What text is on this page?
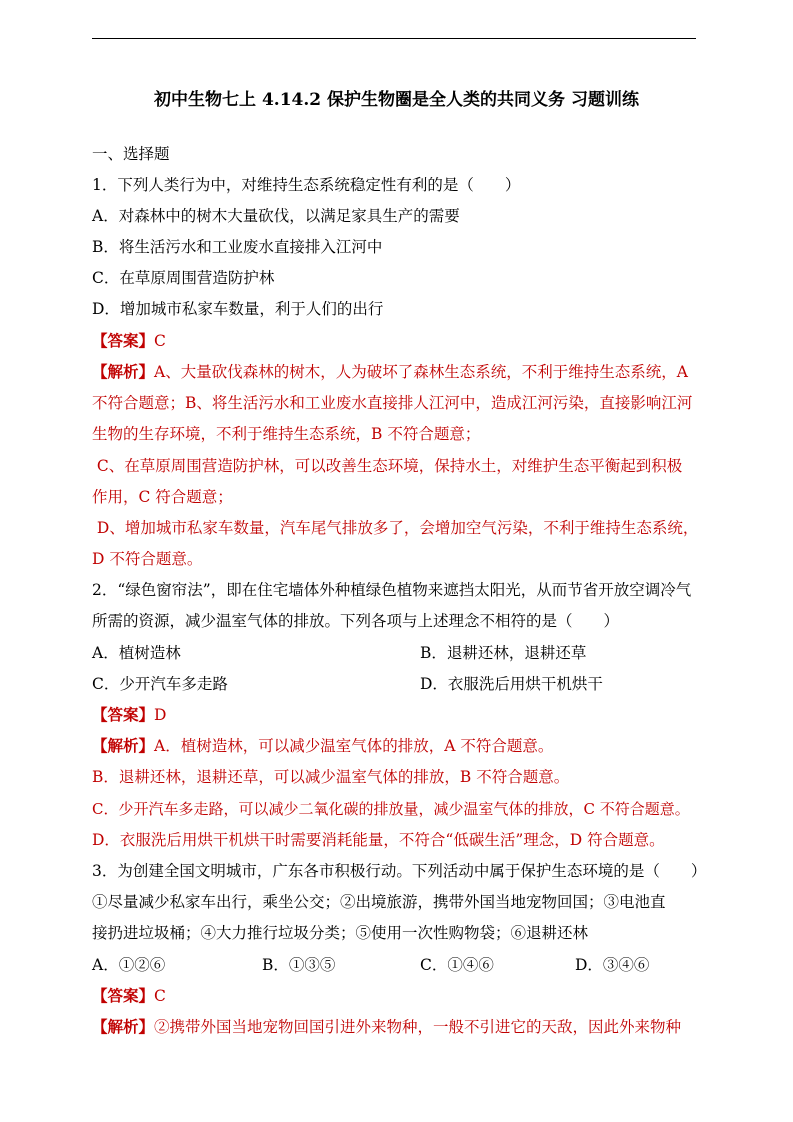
初中生物七上 4.14.2 保护生物圈是全人类的共同义务 习题训练
一、选择题
1．下列人类行为中，对维持生态系统稳定性有利的是（　　）
A．对森林中的树木大量砍伐，以满足家具生产的需要
B．将生活污水和工业废水直接排入江河中
C．在草原周围营造防护林
D．增加城市私家车数量，利于人们的出行
【答案】C
【解析】A、大量砍伐森林的树木，人为破坏了森林生态系统，不利于维持生态系统，A
不符合题意；B、将生活污水和工业废水直接排人江河中，造成江河污染，直接影响江河
生物的生存环境，不利于维持生态系统，B 不符合题意；
C、在草原周围营造防护林，可以改善生态环境，保持水土，对维护生态平衡起到积极
作用，C 符合题意；
D、增加城市私家车数量，汽车尾气排放多了，会增加空气污染，不利于维持生态系统，
D 不符合题意。
2．“绿色窗帘法”，即在住宅墙体外种植绿色植物来遮挡太阳光，从而节省开放空调冷气
所需的资源，减少温室气体的排放。下列各项与上述理念不相符的是（　　）
A．植树造林	B．退耕还林，退耕还草
C．少开汽车多走路	D．衣服洗后用烘干机烘干
【答案】D
【解析】A．植树造林，可以减少温室气体的排放，A 不符合题意。
B．退耕还林，退耕还草，可以减少温室气体的排放，B 不符合题意。
C．少开汽车多走路，可以减少二氧化碳的排放量，减少温室气体的排放，C 不符合题意。
D．衣服洗后用烘干机烘干时需要消耗能量，不符合“低碳生活”理念，D 符合题意。
3．为创建全国文明城市，广东各市积极行动。下列活动中属于保护生态环境的是（　　）
①尽量减少私家车出行，乘坐公交；②出境旅游，携带外国当地宠物回国；③电池直
接扔进垃圾桶；④大力推行垃圾分类；⑤使用一次性购物袋；⑥退耕还林
A．①②⑥	B．①③⑤	C．①④⑥	D．③④⑥
【答案】C
【解析】②携带外国当地宠物回国引进外来物种，一般不引进它的天敌，因此外来物种
